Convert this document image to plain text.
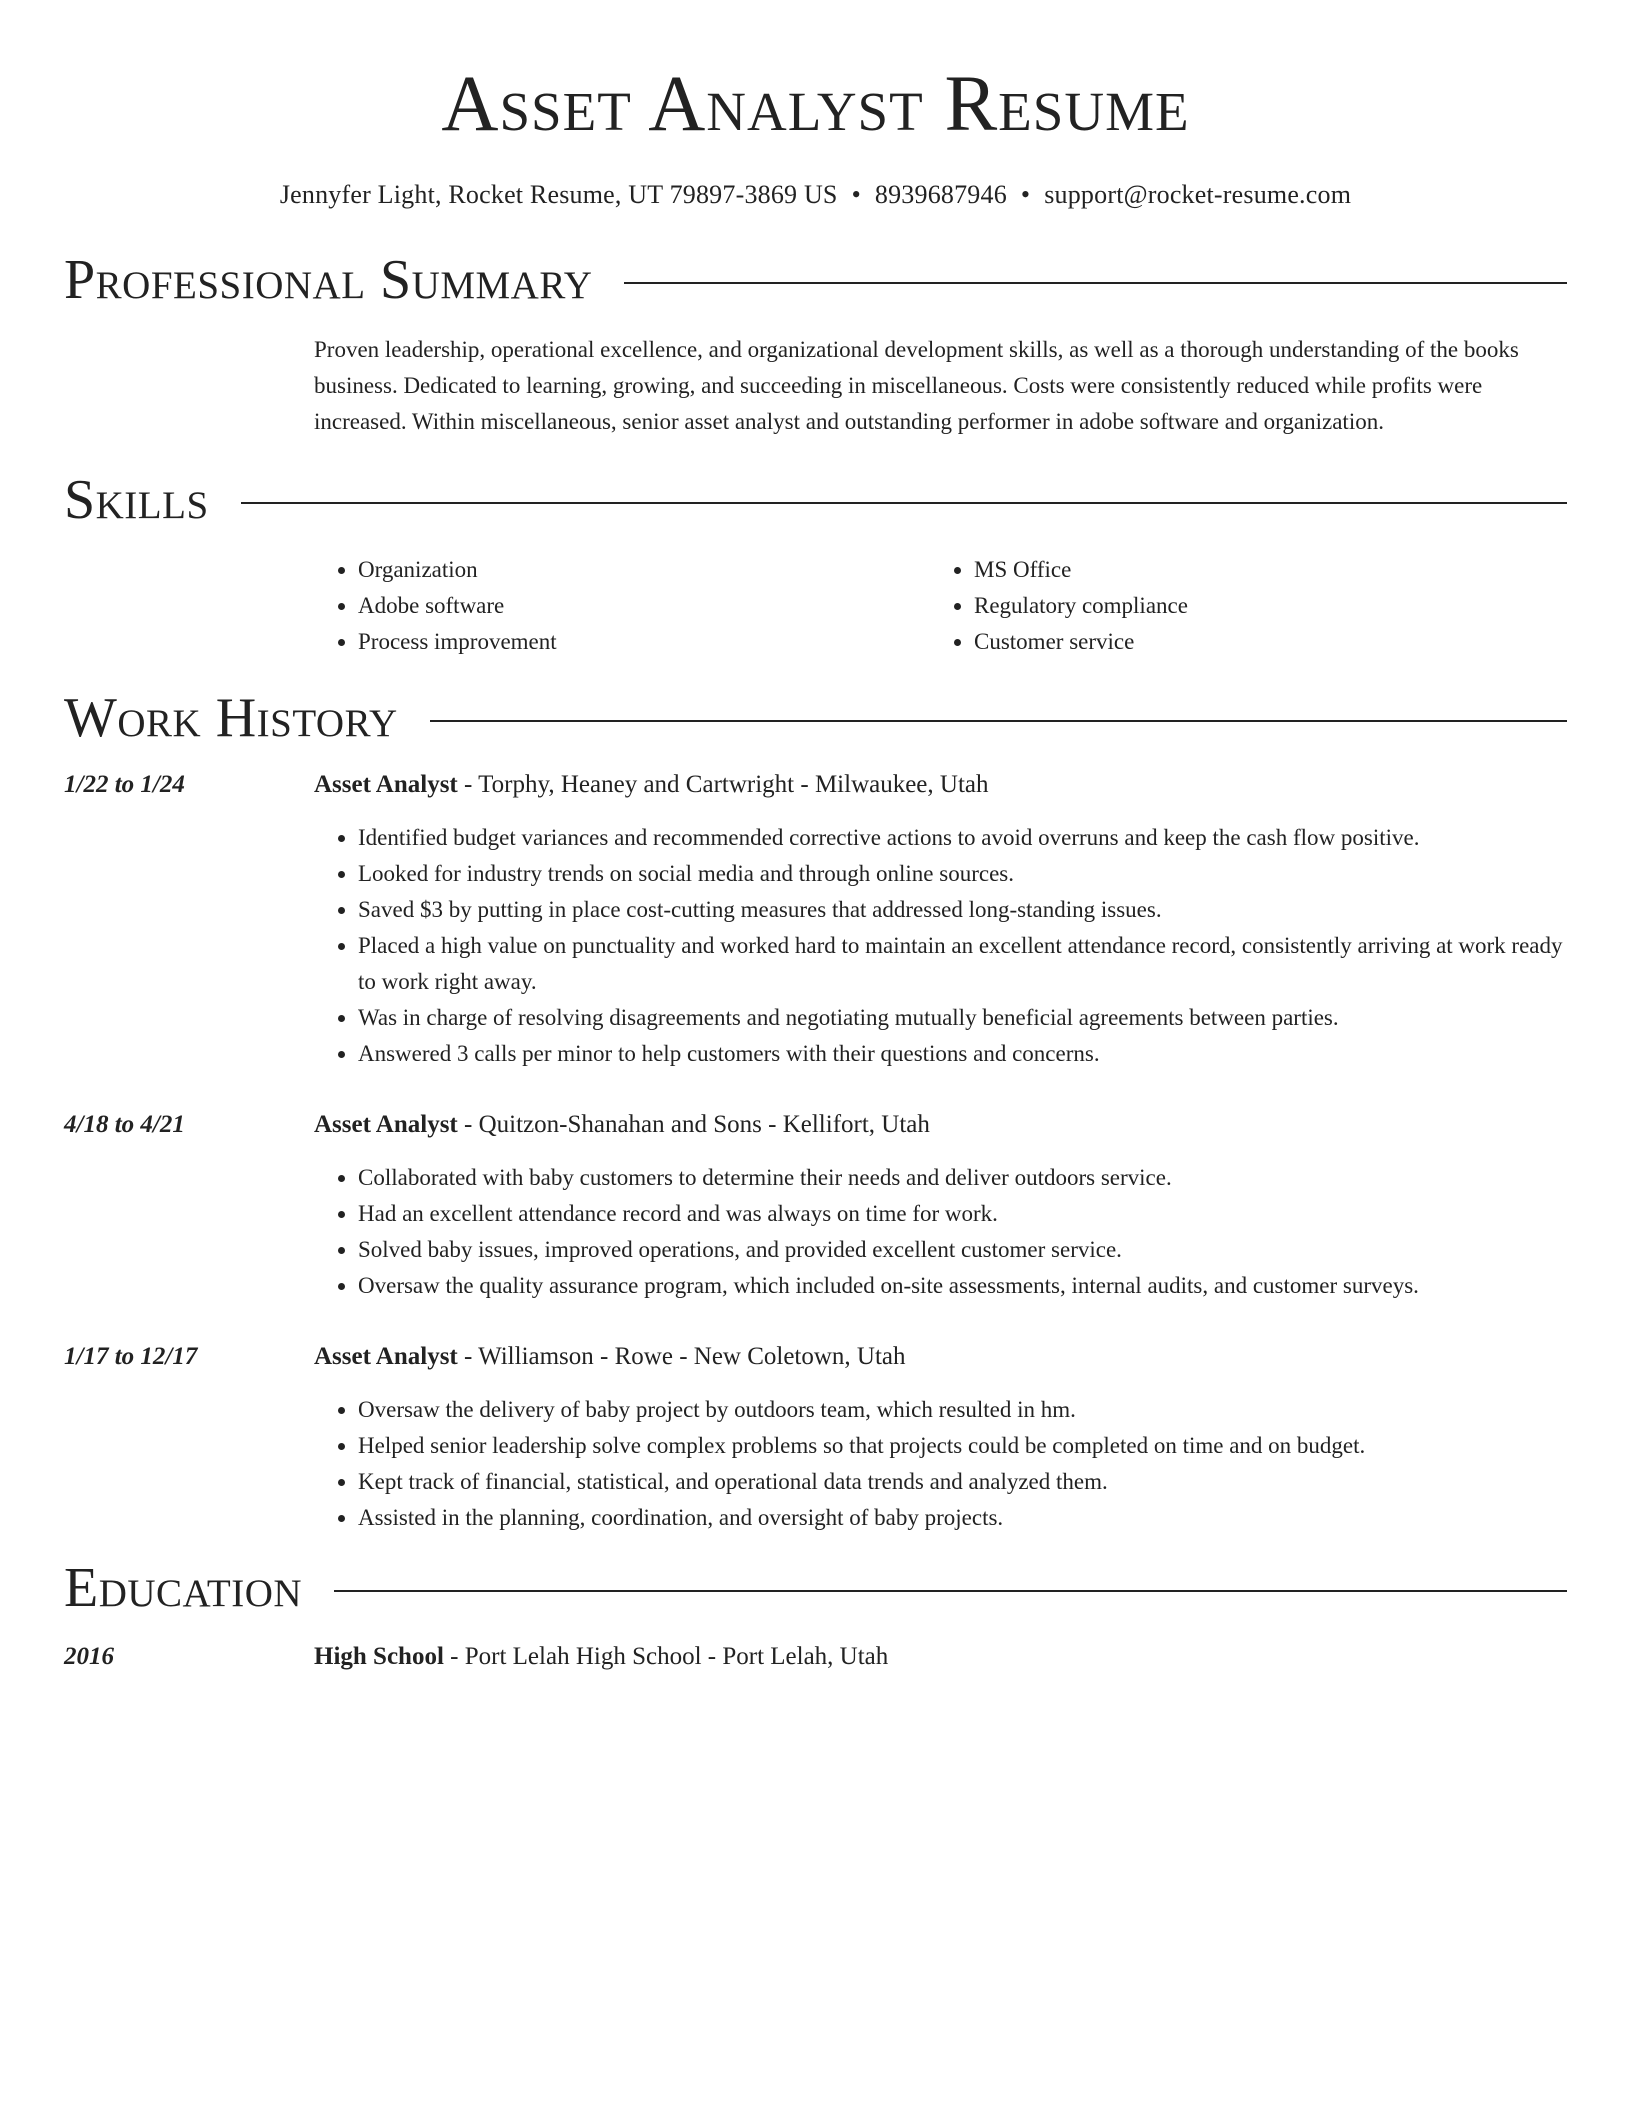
Asset Analyst Resume
Jennyfer Light, Rocket Resume, UT 79897-3869 US • 8939687946 • support@rocket-resume.com
Professional Summary
Proven leadership, operational excellence, and organizational development skills, as well as a thorough understanding of the books business. Dedicated to learning, growing, and succeeding in miscellaneous. Costs were consistently reduced while profits were increased. Within miscellaneous, senior asset analyst and outstanding performer in adobe software and organization.
Skills
• Organization
• Adobe software
• Process improvement
• MS Office
• Regulatory compliance
• Customer service
Work History
1/22 to 1/24	Asset Analyst - Torphy, Heaney and Cartwright - Milwaukee, Utah
• Identified budget variances and recommended corrective actions to avoid overruns and keep the cash flow positive.
• Looked for industry trends on social media and through online sources.
• Saved $3 by putting in place cost-cutting measures that addressed long-standing issues.
• Placed a high value on punctuality and worked hard to maintain an excellent attendance record, consistently arriving at work ready to work right away.
• Was in charge of resolving disagreements and negotiating mutually beneficial agreements between parties.
• Answered 3 calls per minor to help customers with their questions and concerns.
4/18 to 4/21	Asset Analyst - Quitzon-Shanahan and Sons - Kellifort, Utah
• Collaborated with baby customers to determine their needs and deliver outdoors service.
• Had an excellent attendance record and was always on time for work.
• Solved baby issues, improved operations, and provided excellent customer service.
• Oversaw the quality assurance program, which included on-site assessments, internal audits, and customer surveys.
1/17 to 12/17	Asset Analyst - Williamson - Rowe - New Coletown, Utah
• Oversaw the delivery of baby project by outdoors team, which resulted in hm.
• Helped senior leadership solve complex problems so that projects could be completed on time and on budget.
• Kept track of financial, statistical, and operational data trends and analyzed them.
• Assisted in the planning, coordination, and oversight of baby projects.
Education
2016	High School - Port Lelah High School - Port Lelah, Utah
